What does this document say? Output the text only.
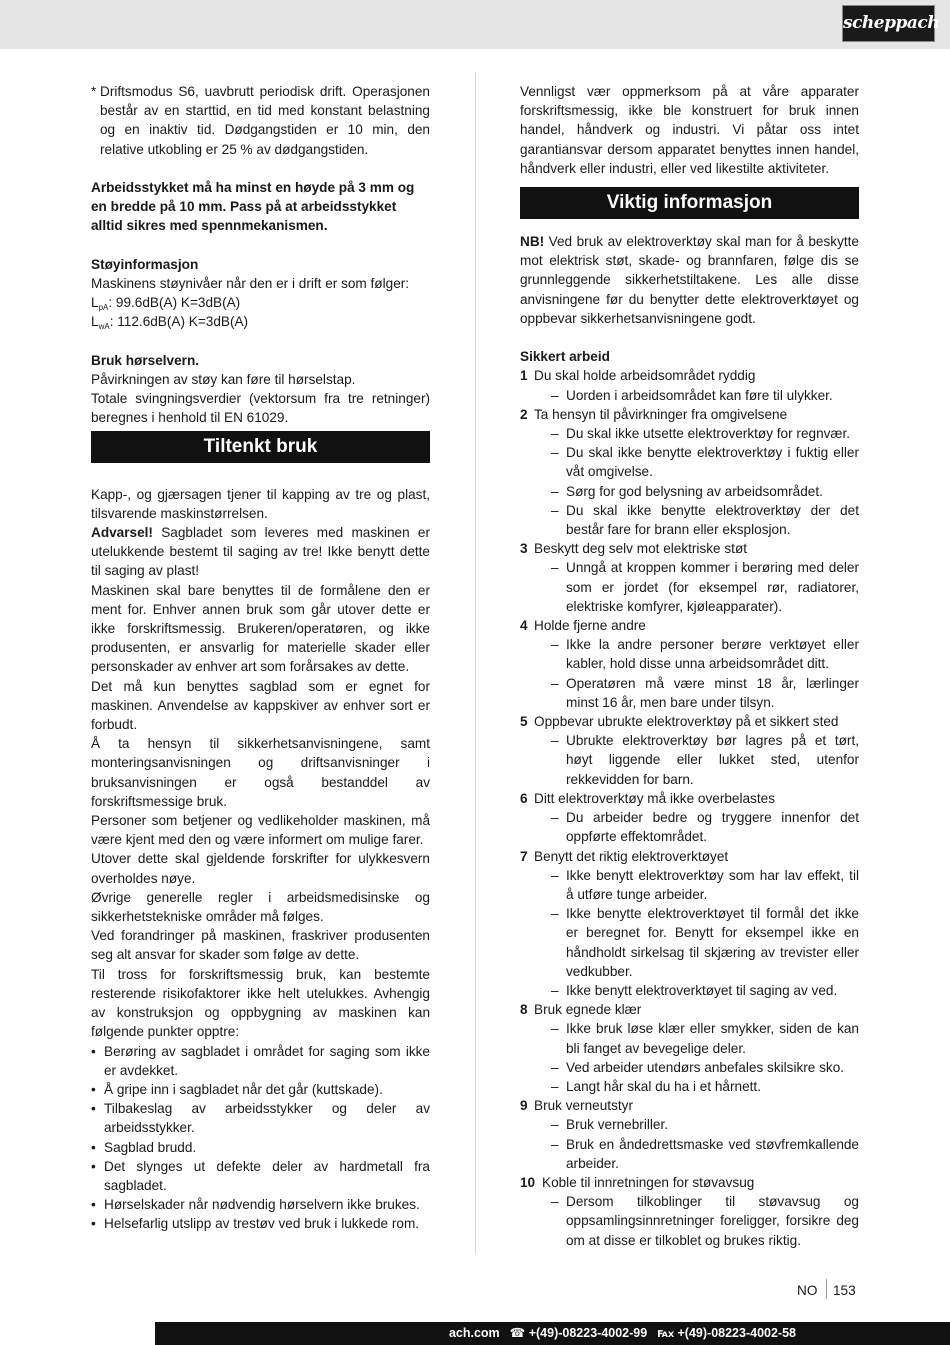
scheppach

* Driftsmodus S6, uavbrutt periodisk drift. Operasjonen består av en starttid, en tid med konstant belastning og en inaktiv tid. Dødgangstiden er 10 min, den relative utkobling er 25 % av dødgangstiden.

Arbeidsstykket må ha minst en høyde på 3 mm og en bredde på 10 mm. Pass på at arbeidsstykket alltid sikres med spennmekanismen.

Støyinformasjon

Maskinens støynivåer når den er i drift er som følger:

$L_{pA}$: 99.6dB(A) K=3dB(A)

$L_{wA}$: 112.6dB(A) K=3dB(A)

Bruk hørselvern.

Påvirkningen av støy kan føre til hørselstap.

Totale svingningsverdier (vektorsum fra tre retninger) beregnes i henhold til EN 61029.

Tiltenkt bruk

Kapp-, og gjærsagen tjener til kapping av tre og plast, tilsvarende maskinstørrelsen.

Advarsel! Sagbladet som leveres med maskinen er utelukkende bestemt til saging av tre! Ikke benytt dette til saging av plast!

Maskinen skal bare benyttes til de formålene den er ment for. Enhver annen bruk som går utover dette er ikke forskriftsmessig. Brukeren/operatøren, og ikke produsenten, er ansvarlig for materielle skader eller personskader av enhver art som forårsakes av dette.

Det må kun benyttes sagblad som er egnet for maskinen. Anvendelse av kappskiver av enhver sort er forbudt.

Å ta hensyn til sikkerhetsanvisningene, samt monteringsanvisningen og driftsanvisninger i bruksanvisningen er også bestanddel av forskriftsmessige bruk.

Personer som betjener og vedlikeholder maskinen, må være kjent med den og være informert om mulige farer.

Utover dette skal gjeldende forskrifter for ulykkesvern overholdes nøye.

Øvrige generelle regler i arbeidsmedisinske og sikkerhetstekniske områder må følges.

Ved forandringer på maskinen, fraskriver produsenten seg alt ansvar for skader som følge av dette.

Til tross for forskriftsmessig bruk, kan bestemte resterende risikofaktorer ikke helt utelukkes. Avhengig av konstruksjon og oppbygning av maskinen kan følgende punkter opptre:

• Berøring av sagbladet i området for saging som ikke er avdekket.
• Å gripe inn i sagbladet når det går (kuttskade).
• Tilbakeslag av arbeidsstykker og deler av arbeidsstykker.
• Sagblad brudd.
• Det slynges ut defekte deler av hardmetall fra sagbladet.
• Hørselskader når nødvendig hørselvern ikke brukes.
• Helsefarlig utslipp av trestøv ved bruk i lukkede rom.

Vennligst vær oppmerksom på at våre apparater forskriftsmessig, ikke ble konstruert for bruk innen handel, håndverk og industri. Vi påtar oss intet garantiansvar dersom apparatet benyttes innen handel, håndverk eller industri, eller ved likestilte aktiviteter.

Viktig informasjon

NB! Ved bruk av elektroverktøy skal man for å beskytte mot elektrisk støt, skade- og brannfaren, følge dis se grunnleggende sikkerhetstiltakene. Les alle disse anvisningene før du benytter dette elektroverktøyet og oppbevar sikkerhetsanvisningene godt.

Sikkert arbeid

1 Du skal holde arbeidsområdet ryddig
– Uorden i arbeidsområdet kan føre til ulykker.
2 Ta hensyn til påvirkninger fra omgivelsene
– Du skal ikke utsette elektroverktøy for regnvær.
– Du skal ikke benytte elektroverktøy i fuktig eller våt omgivelse.
– Sørg for god belysning av arbeidsområdet.
– Du skal ikke benytte elektroverktøy der det består fare for brann eller eksplosjon.
3 Beskytt deg selv mot elektriske støt
– Unngå at kroppen kommer i berøring med deler som er jordet (for eksempel rør, radiatorer, elektriske komfyrer, kjøleapparater).
4 Holde fjerne andre
– Ikke la andre personer berøre verktøyet eller kabler, hold disse unna arbeidsområdet ditt.
– Operatøren må være minst 18 år, lærlinger minst 16 år, men bare under tilsyn.
5 Oppbevar ubrukte elektroverktøy på et sikkert sted
– Ubrukte elektroverktøy bør lagres på et tørt, høyt liggende eller lukket sted, utenfor rekkevidden for barn.
6 Ditt elektroverktøy må ikke overbelastes
– Du arbeider bedre og tryggere innenfor det oppførte effektområdet.
7 Benytt det riktig elektroverktøyet
– Ikke benytt elektroverktøy som har lav effekt, til å utføre tunge arbeider.
– Ikke benytte elektroverktøyet til formål det ikke er beregnet for. Benytt for eksempel ikke en håndholdt sirkelsag til skjæring av trevister eller vedkubber.
– Ikke benytt elektroverktøyet til saging av ved.
8 Bruk egnede klær
– Ikke bruk løse klær eller smykker, siden de kan bli fanget av bevegelige deler.
– Ved arbeider utendørs anbefales skilsikre sko.
– Langt hår skal du ha i et hårnett.
9 Bruk verneutstyr
– Bruk vernebriller.
– Bruk en åndedrettsmaske ved støvfremkallende arbeider.
10 Koble til innretningen for støvavsug
– Dersom tilkoblinger til støvavsug og oppsamlingsinnretninger foreligger, forsikre deg om at disse er tilkoblet og brukes riktig.
NO 153
ach.com ☎ +(49)-08223-4002-99 ℻ +(49)-08223-4002-58
